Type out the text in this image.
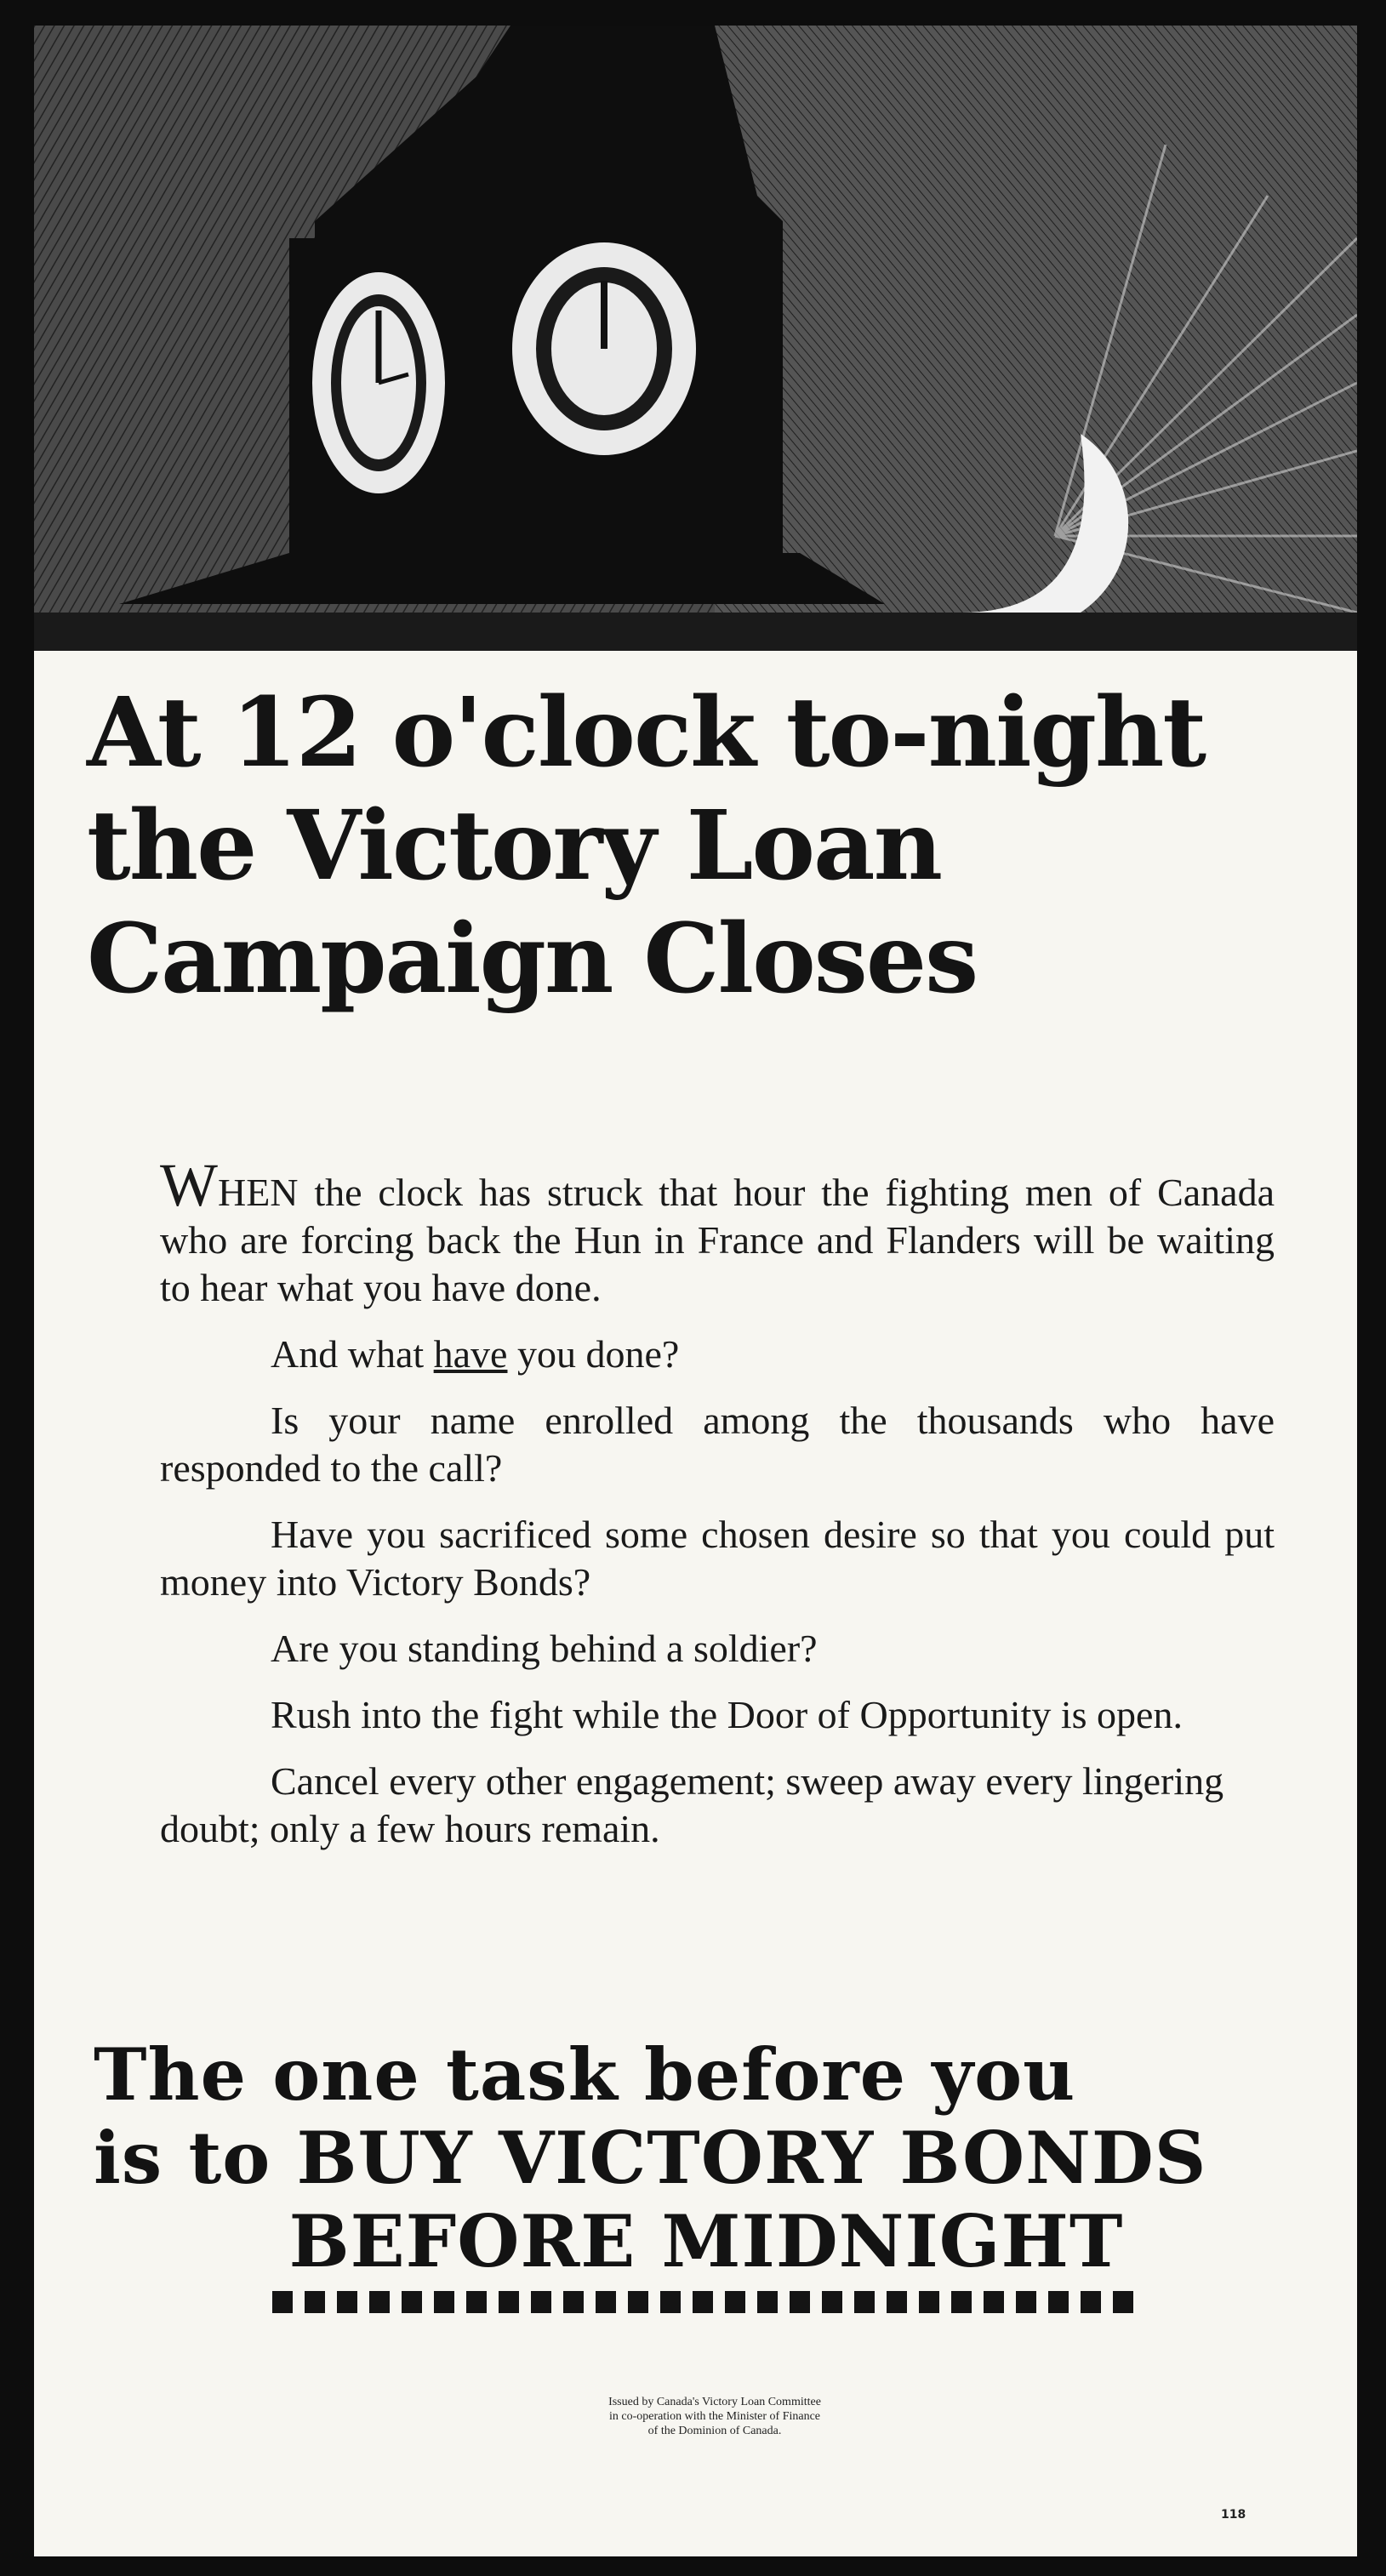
At 12 o'clock to-night
the Victory Loan
Campaign Closes

WHEN the clock has struck that hour the fighting men of Canada who are forcing back the Hun in France and Flanders will be waiting to hear what you have done.

And what have you done?

Is your name enrolled among the thousands who have responded to the call?

Have you sacrificed some chosen desire so that you could put money into Victory Bonds?

Are you standing behind a soldier?

Rush into the fight while the Door of Opportunity is open.

Cancel every other engagement; sweep away every lingering doubt; only a few hours remain.

The one task before you
is to BUY VICTORY BONDS
BEFORE MIDNIGHT
Issued by Canada's Victory Loan Committee
in co-operation with the Minister of Finance
of the Dominion of Canada.
118
